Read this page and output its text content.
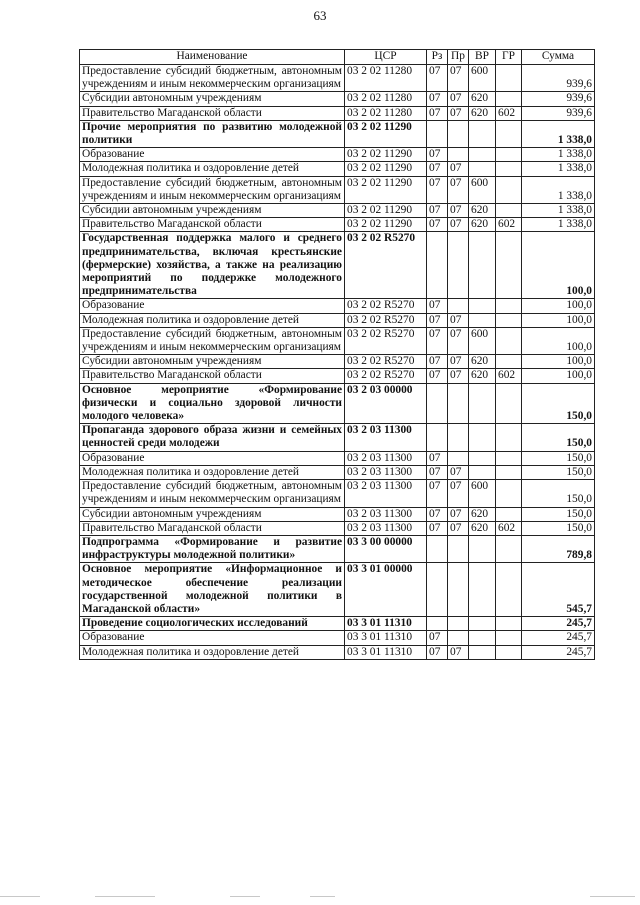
63
Наименование	ЦСР	Рз	Пр	ВР	ГР	Сумма
Предоставление субсидий бюджетным, автономным учреждениям и иным некоммерческим организациям	03 2 02 11280	07	07	600		939,6
Субсидии автономным учреждениям	03 2 02 11280	07	07	620		939,6
Правительство Магаданской области	03 2 02 11280	07	07	620	602	939,6
Прочие мероприятия по развитию молодежной политики	03 2 02 11290					1 338,0
Образование	03 2 02 11290	07				1 338,0
Молодежная политика и оздоровление детей	03 2 02 11290	07	07			1 338,0
Предоставление субсидий бюджетным, автономным учреждениям и иным некоммерческим организациям	03 2 02 11290	07	07	600		1 338,0
Субсидии автономным учреждениям	03 2 02 11290	07	07	620		1 338,0
Правительство Магаданской области	03 2 02 11290	07	07	620	602	1 338,0
Государственная поддержка малого и среднего предпринимательства, включая крестьянские (фермерские) хозяйства, а также на реализацию мероприятий по поддержке молодежного предпринимательства	03 2 02 R5270					100,0
Образование	03 2 02 R5270	07				100,0
Молодежная политика и оздоровление детей	03 2 02 R5270	07	07			100,0
Предоставление субсидий бюджетным, автономным учреждениям и иным некоммерческим организациям	03 2 02 R5270	07	07	600		100,0
Субсидии автономным учреждениям	03 2 02 R5270	07	07	620		100,0
Правительство Магаданской области	03 2 02 R5270	07	07	620	602	100,0
Основное мероприятие «Формирование физически и социально здоровой личности молодого человека»	03 2 03 00000					150,0
Пропаганда здорового образа жизни и семейных ценностей среди молодежи	03 2 03 11300					150,0
Образование	03 2 03 11300	07				150,0
Молодежная политика и оздоровление детей	03 2 03 11300	07	07			150,0
Предоставление субсидий бюджетным, автономным учреждениям и иным некоммерческим организациям	03 2 03 11300	07	07	600		150,0
Субсидии автономным учреждениям	03 2 03 11300	07	07	620		150,0
Правительство Магаданской области	03 2 03 11300	07	07	620	602	150,0
Подпрограмма «Формирование и развитие инфраструктуры молодежной политики»	03 3 00 00000					789,8
Основное мероприятие «Информационное и методическое обеспечение реализации государственной молодежной политики в Магаданской области»	03 3 01 00000					545,7
Проведение социологических исследований	03 3 01 11310					245,7
Образование	03 3 01 11310	07				245,7
Молодежная политика и оздоровление детей	03 3 01 11310	07	07			245,7
